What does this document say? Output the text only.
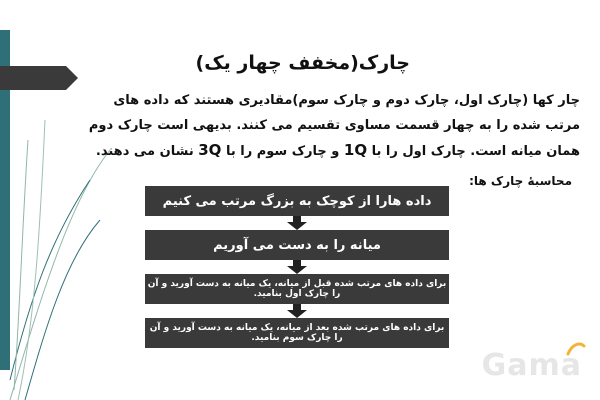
چارک(مخفف چهار یک)
چار کها (چارک اول، چارک دوم و چارک سوم)مقادیری هستند که داده های مرتب شده را به چهار قسمت مساوی تقسیم می کنند. بدیهی است چارک دوم همان میانه است. چارک اول را با 1Q و چارک سوم را با 3Q نشان می دهند.
محاسبهٔ چارک ها:
داده هارا از کوچک به بزرگ مرتب می کنیم
میانه را به دست می آوریم
برای داده های مرتب شده قبل از میانه، یک میانه به دست آورید و آن را چارک اول بنامید.
برای داده های مرتب شده بعد از میانه، یک میانه به دست آورید و آن را چارک سوم بنامید.
Gama
